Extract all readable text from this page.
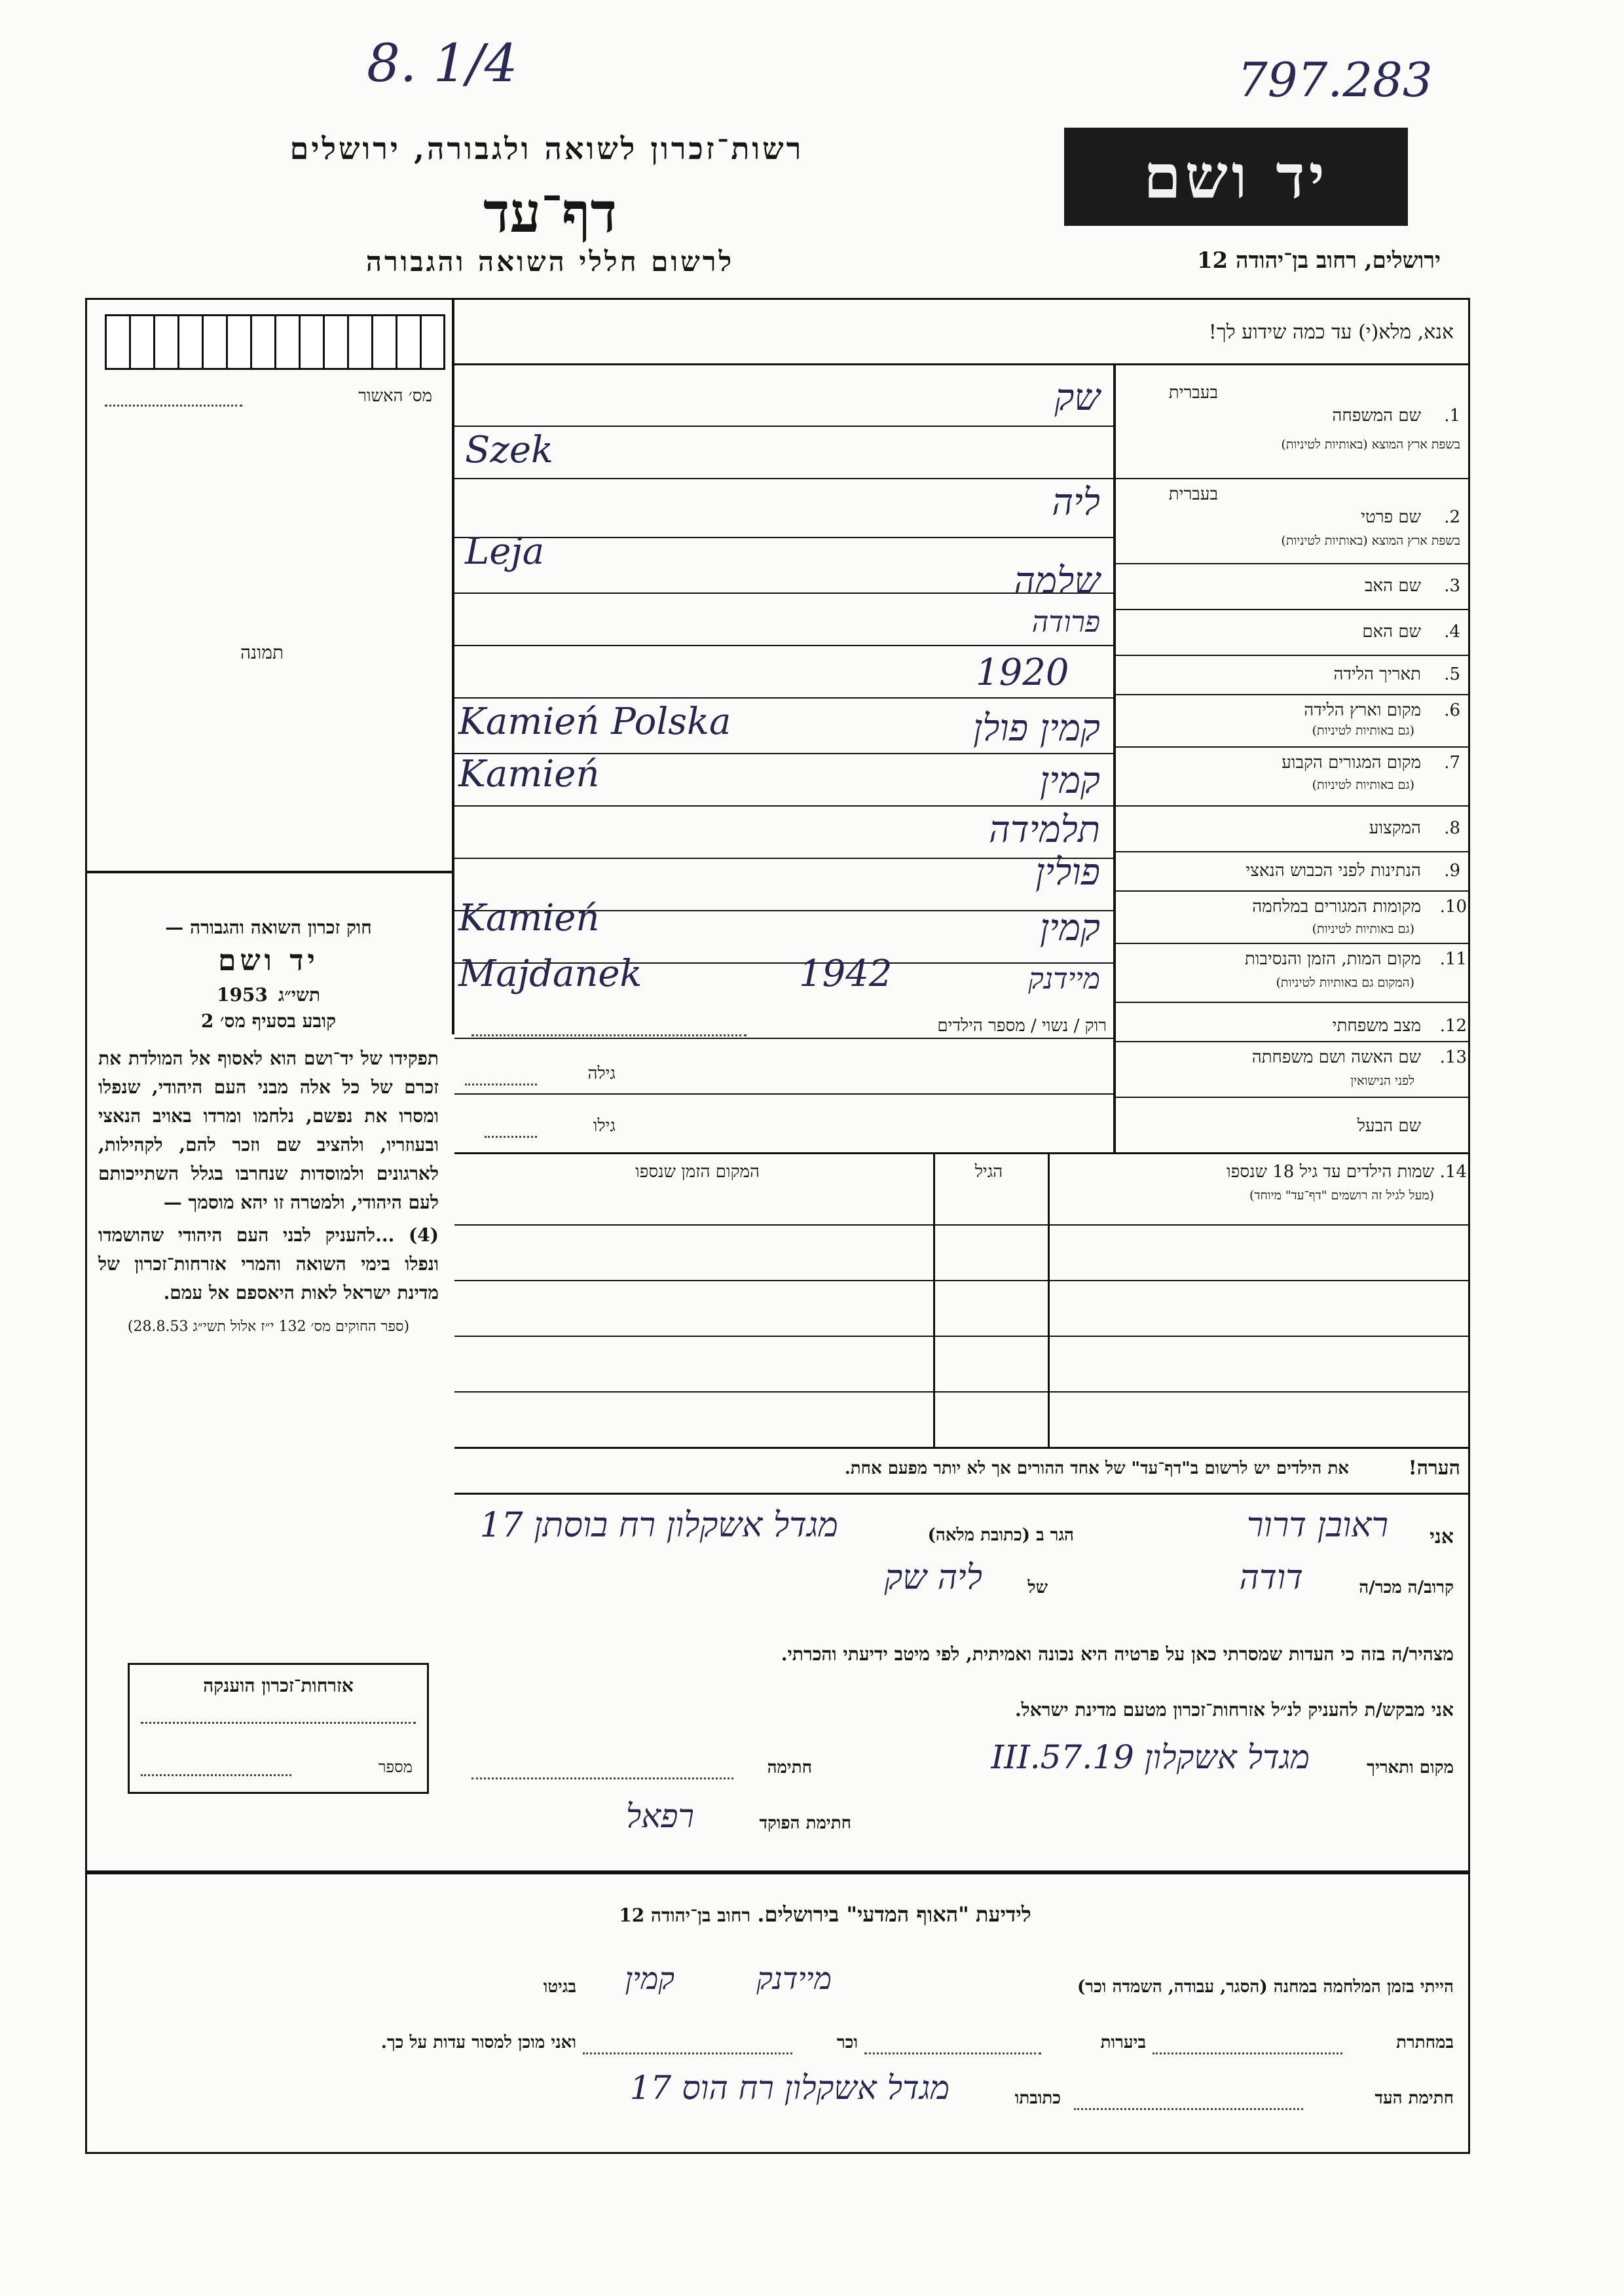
8. 1/4	797.283
רשות־זכרון לשואה ולגבורה, ירושלים
דף־עד
לרשום חללי השואה והגבורה
יד ושם
ירושלים, רחוב בן־יהודה 12
מס׳ האשור
תמונה
חוק זכרון השואה והגבורה —
יד ושם
תשי״ג
1953
קובע בסעיף מס׳ 2
תפקידו של יד־ושם הוא לאסוף אל המולדת את זכרם של כל אלה מבני העם היהודי, שנפלו ומסרו את נפשם, נלחמו ומרדו באויב הנאצי ובעוזריו, ולהציב שם וזכר להם, לקהילות, לארגונים ולמוסדות שנחרבו בגלל השתייכותם לעם היהודי, ולמטרה זו יהא מוסמך —
(4) ...להעניק לבני העם היהודי שהושמדו ונפלו בימי השואה והמרי אזרחות־זכרון של מדינת ישראל לאות היאספם אל עמם.
(ספר החוקים מס׳ 132 י״ז אלול תשי״ג 28.8.53)
אנא, מלא(י) עד כמה שידוע לך!
בעברית
שם המשפחה	1.
בשפת ארץ המוצא (באותיות לטיניות)
שק
Szek
בעברית
שם פרטי	2.
בשפת ארץ המוצא (באותיות לטיניות)
ליה
Leja
שם האב	3.
שלמה
שם האם	4.
פרודה
תאריך הלידה	5.
1920
מקום וארץ הלידה	6.
(גם באותיות לטיניות)
Kamień Polska	קמין פולן
מקום המגורים הקבוע	7.
(גם באותיות לטיניות)
Kamień	קמין
המקצוע	8.
תלמידה
הנתינות לפני הכבוש הנאצי	9.
פולין
מקומות המגורים במלחמה	10.
(גם באותיות לטיניות)
Kamień	קמין
מקום המות, הזמן והנסיבות	11.
(המקום גם באותיות לטיניות)
Majdanek	1942	מיידנק
מצב משפחתי	12.
רוק / נשוי / מספר הילדים
שם האשה ושם משפחתה	13.
לפני הנישואין
גילה
שם הבעל
גילו
שמות הילדים עד גיל 18 שנספו 14.
(מעל לגיל זה רושמים "דף־עד" מיוחד)
הגיל
המקום הזמן שנספו
הערה!
את הילדים יש לרשום ב"דף־עד" של אחד ההורים אך לא יותר מפעם אחת.
אני
ראובן דרור
הגר ב (כתובת מלאה)
מגדל אשקלון רח בוסתן 17
קרוב/ה מכר/ה
דודה
של
ליה שק
מצהיר/ה בזה כי העדות שמסרתי כאן על פרטיה היא נכונה ואמיתית, לפי מיטב ידיעתי והכרתי.
אני מבקש/ת להעניק לנ״ל אזרחות־זכרון מטעם מדינת ישראל.
מקום ותאריך
מגדל אשקלון 19.III.57
חתימה
חתימת הפוקד
רפאל
אזרחות־זכרון הוענקה
מספר
לידיעת "האוף המדעי" בירושלים. רחוב בן־יהודה 12
הייתי בזמן המלחמה במחנה (הסגר, עבודה, השמדה וכר)
מיידנק
בגיטו	קמין
במחתרת
ביערות
וכר
ואני מוכן למסור עדות על כך.
חתימת העד
כתובתו
מגדל אשקלון רח הוס 17
